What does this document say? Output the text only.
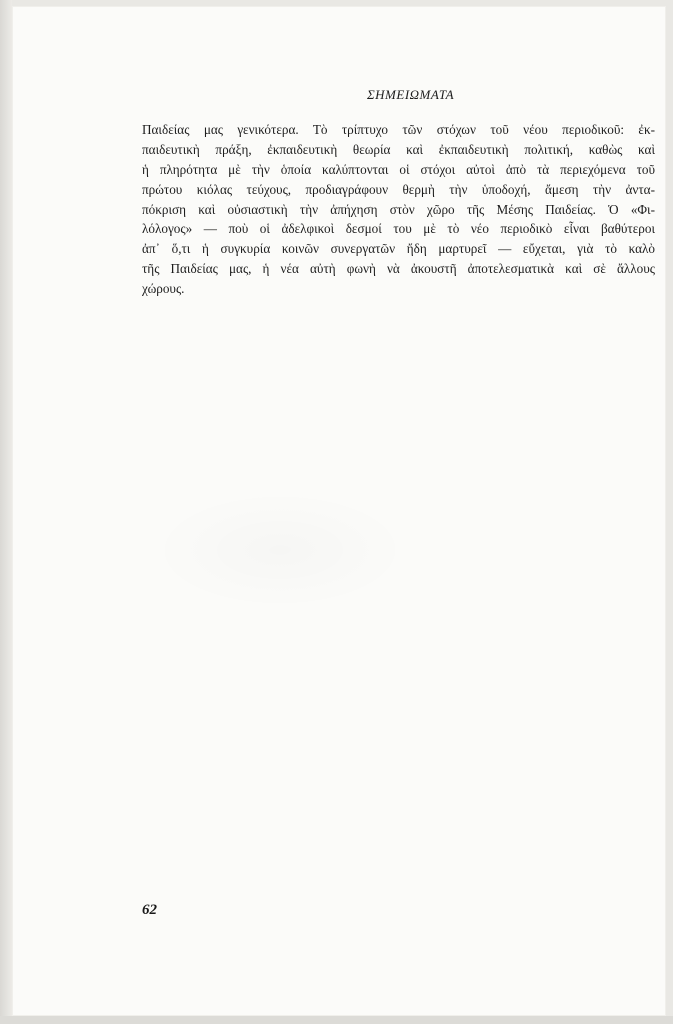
ΣΗΜΕΙΩΜΑΤΑ
Παιδείας μας γενικότερα. Τὸ τρίπτυχο τῶν στόχων τοῦ νέου περιοδικοῦ: ἐκ-
παιδευτικὴ πράξη, ἐκπαιδευτικὴ θεωρία καὶ ἐκπαιδευτικὴ πολιτική, καθὼς καὶ
ἡ πληρότητα μὲ τὴν ὁποία καλύπτονται οἱ στόχοι αὐτοὶ ἀπὸ τὰ περιεχόμενα τοῦ
πρώτου κιόλας τεύχους, προδιαγράφουν θερμὴ τὴν ὑποδοχή, ἄμεση τὴν ἀντα-
πόκριση καὶ οὐσιαστικὴ τὴν ἀπήχηση στὸν χῶρο τῆς Μέσης Παιδείας. Ὁ «Φι-
λόλογος» — ποὺ οἱ ἀδελφικοὶ δεσμοί του μὲ τὸ νέο περιοδικὸ εἶναι βαθύτεροι
ἀπ᾽ ὅ,τι ἡ συγκυρία κοινῶν συνεργατῶν ἤδη μαρτυρεῖ — εὔχεται, γιὰ τὸ καλὸ
τῆς Παιδείας μας, ἡ νέα αὐτὴ φωνὴ νὰ ἀκουστῆ ἀποτελεσματικὰ καὶ σὲ ἄλλους
χώρους.
62
